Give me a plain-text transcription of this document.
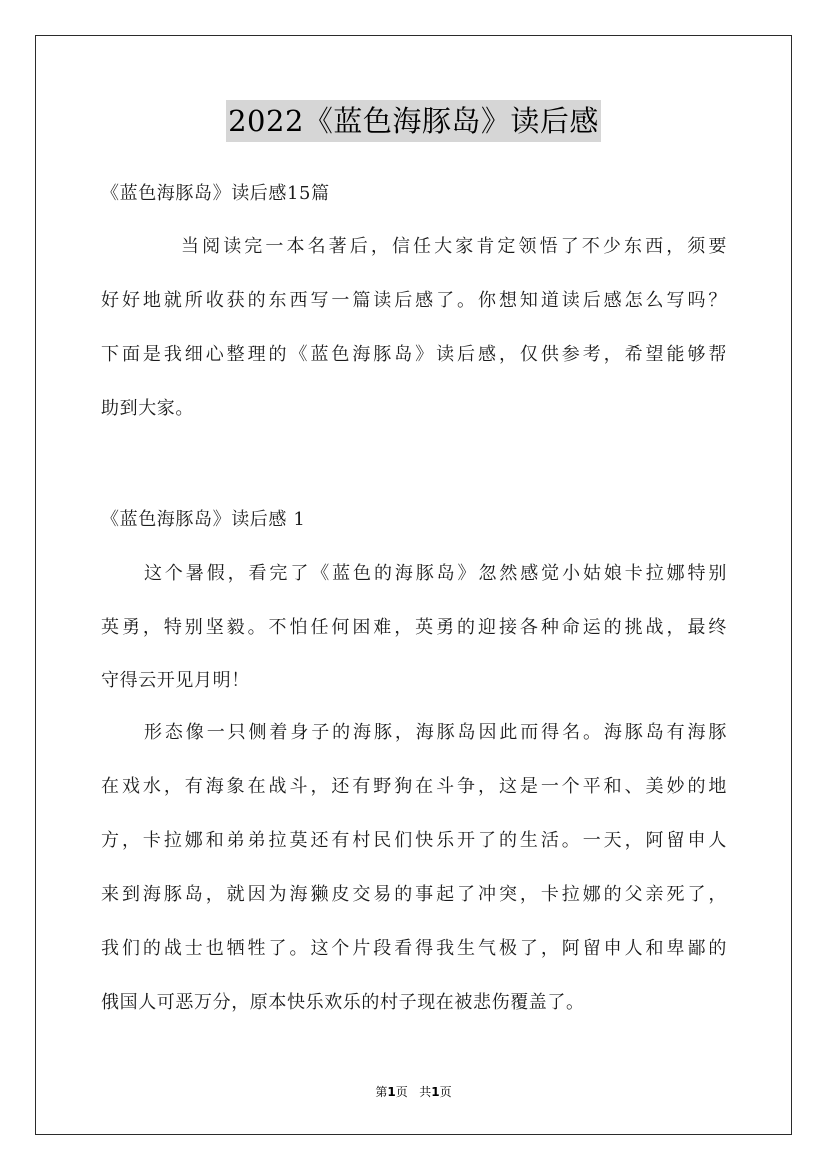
2022《蓝色海豚岛》读后感
《蓝色海豚岛》读后感15篇
当阅读完一本名著后，信任大家肯定领悟了不少东西，须要
好好地就所收获的东西写一篇读后感了。你想知道读后感怎么写吗？
下面是我细心整理的《蓝色海豚岛》读后感，仅供参考，希望能够帮
助到大家。
《蓝色海豚岛》读后感 1
这个暑假，看完了《蓝色的海豚岛》忽然感觉小姑娘卡拉娜特别
英勇，特别坚毅。不怕任何困难，英勇的迎接各种命运的挑战，最终
守得云开见月明！
形态像一只侧着身子的海豚，海豚岛因此而得名。海豚岛有海豚
在戏水，有海象在战斗，还有野狗在斗争，这是一个平和、美妙的地
方，卡拉娜和弟弟拉莫还有村民们快乐开了的生活。一天，阿留申人
来到海豚岛，就因为海獭皮交易的事起了冲突，卡拉娜的父亲死了，
我们的战士也牺牲了。这个片段看得我生气极了，阿留申人和卑鄙的
俄国人可恶万分，原本快乐欢乐的村子现在被悲伤覆盖了。
第1页 共1页
